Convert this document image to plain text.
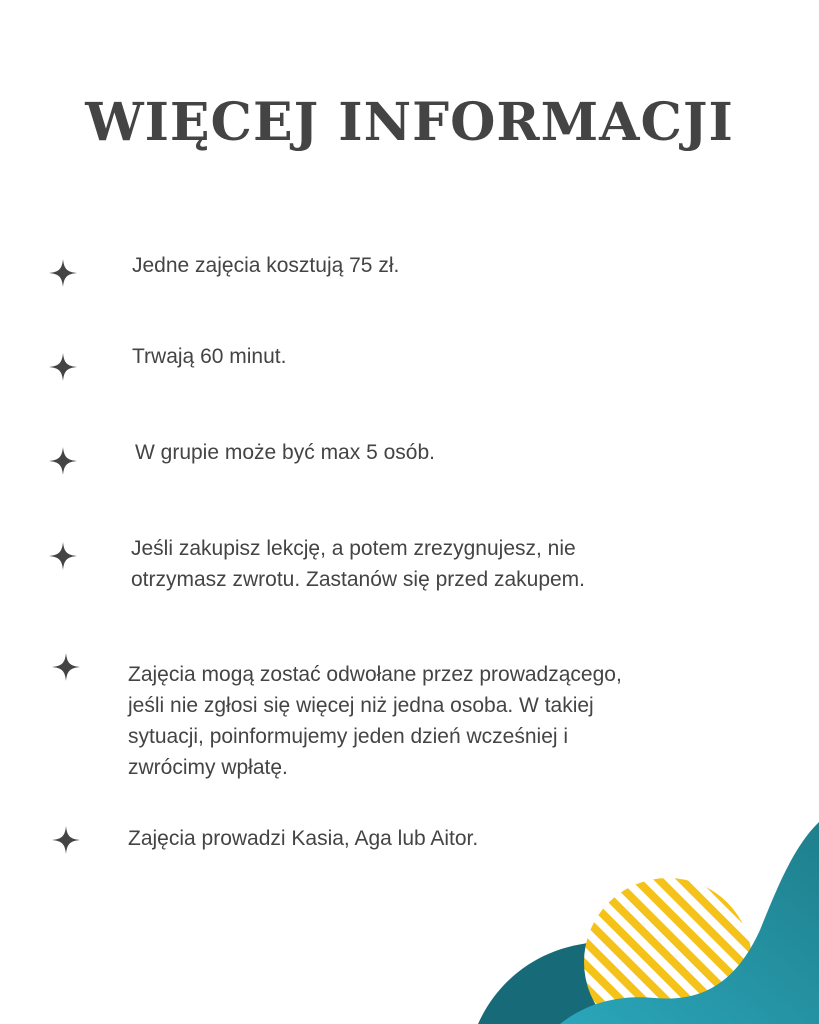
WIĘCEJ INFORMACJI
Jedne zajęcia kosztują 75 zł.
Trwają 60 minut.
W grupie może być max 5 osób.
Jeśli zakupisz lekcję, a potem zrezygnujesz, nie
otrzymasz zwrotu. Zastanów się przed zakupem.
Zajęcia mogą zostać odwołane przez prowadzącego,
jeśli nie zgłosi się więcej niż jedna osoba. W takiej
sytuacji, poinformujemy jeden dzień wcześniej i
zwrócimy wpłatę.
Zajęcia prowadzi Kasia, Aga lub Aitor.
